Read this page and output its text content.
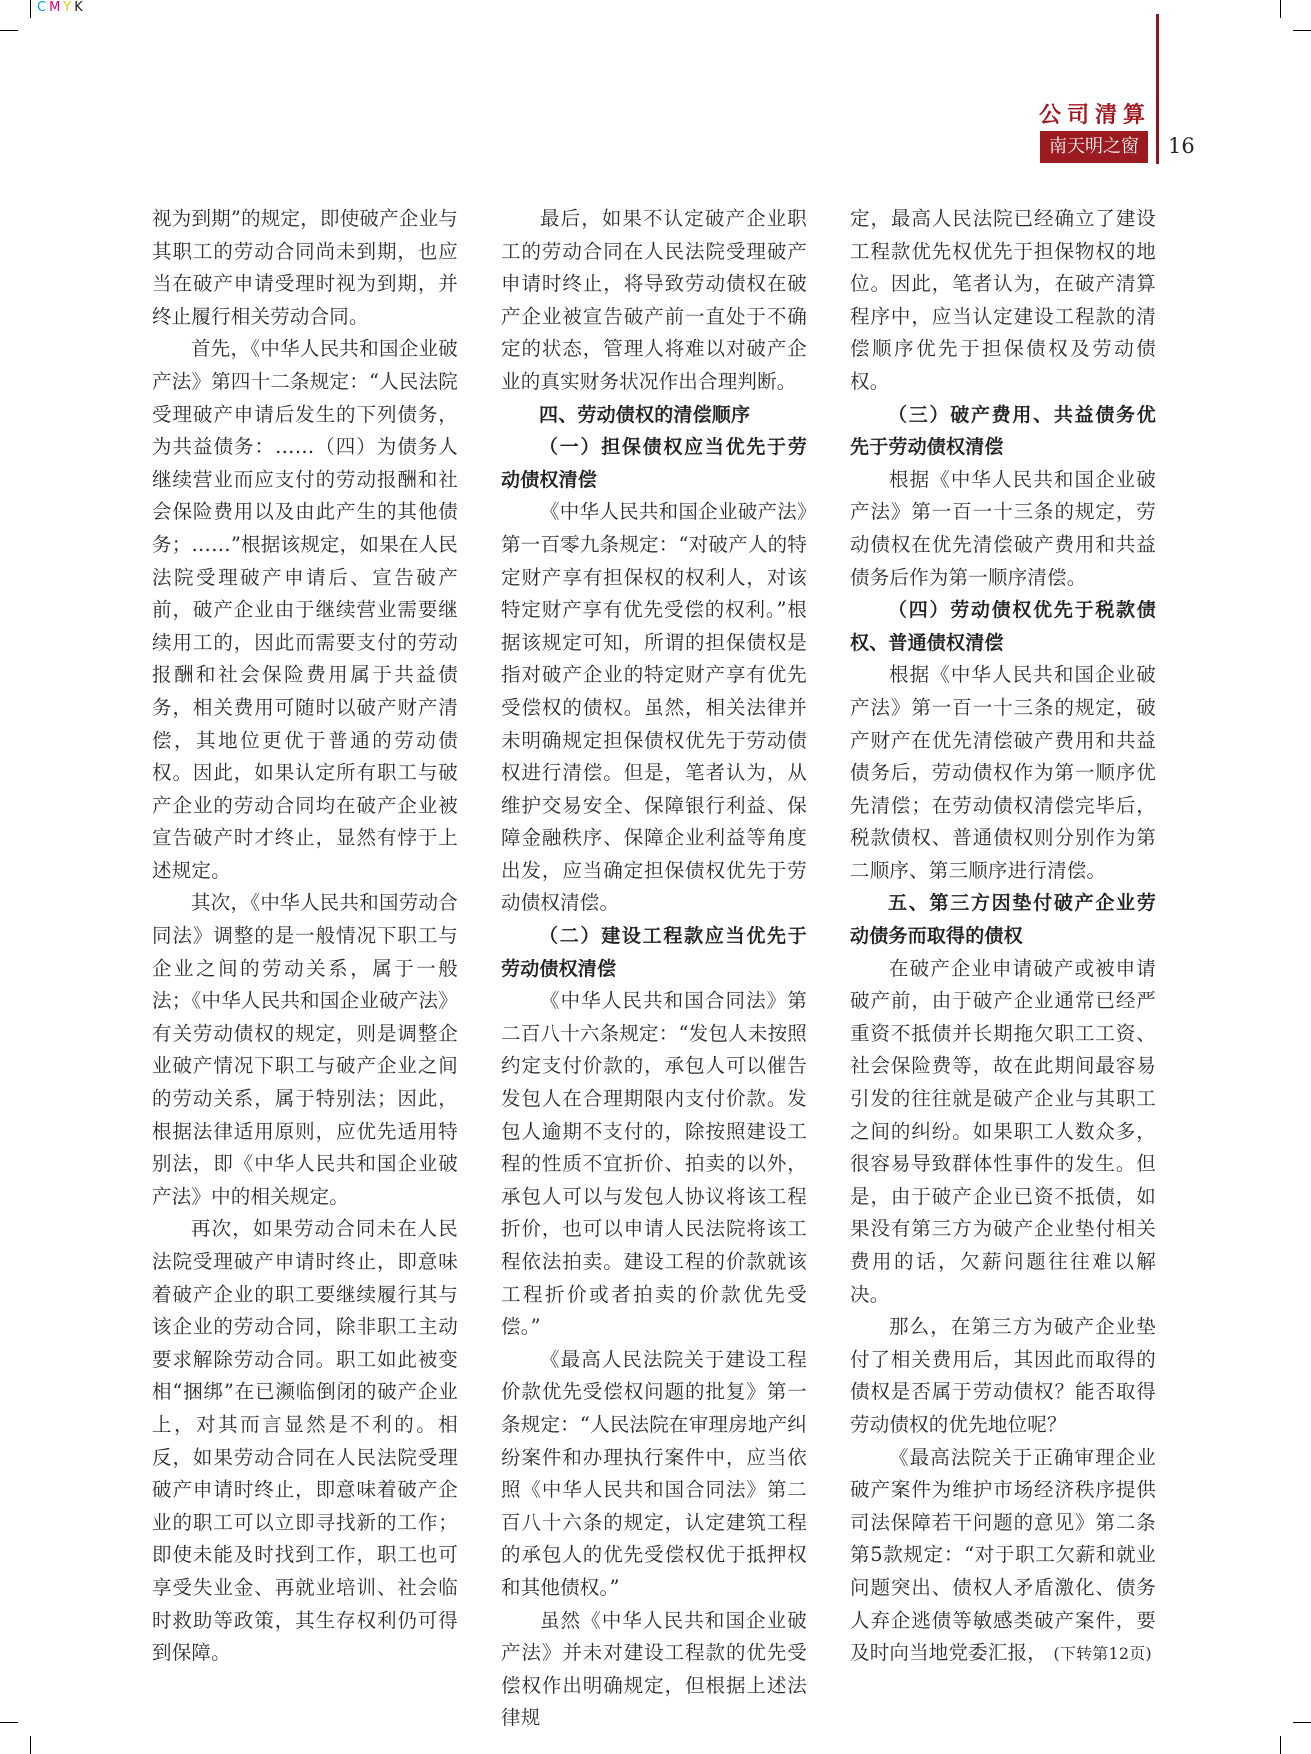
CMYK
公司清算
南天明之窗	16

视为到期”的规定，即使破产企业与其职工的劳动合同尚未到期，也应当在破产申请受理时视为到期，并终止履行相关劳动合同。

首先，《中华人民共和国企业破产法》第四十二条规定：“人民法院受理破产申请后发生的下列债务，为共益债务：……（四）为债务人继续营业而应支付的劳动报酬和社会保险费用以及由此产生的其他债务；……”根据该规定，如果在人民法院受理破产申请后、宣告破产前，破产企业由于继续营业需要继续用工的，因此而需要支付的劳动报酬和社会保险费用属于共益债务，相关费用可随时以破产财产清偿，其地位更优于普通的劳动债权。因此，如果认定所有职工与破产企业的劳动合同均在破产企业被宣告破产时才终止，显然有悖于上述规定。

其次，《中华人民共和国劳动合同法》调整的是一般情况下职工与企业之间的劳动关系，属于一般法；《中华人民共和国企业破产法》有关劳动债权的规定，则是调整企业破产情况下职工与破产企业之间的劳动关系，属于特别法；因此，根据法律适用原则，应优先适用特别法，即《中华人民共和国企业破产法》中的相关规定。

再次，如果劳动合同未在人民法院受理破产申请时终止，即意味着破产企业的职工要继续履行其与该企业的劳动合同，除非职工主动要求解除劳动合同。职工如此被变相“捆绑”在已濒临倒闭的破产企业上，对其而言显然是不利的。相反，如果劳动合同在人民法院受理破产申请时终止，即意味着破产企业的职工可以立即寻找新的工作；即使未能及时找到工作，职工也可享受失业金、再就业培训、社会临时救助等政策，其生存权利仍可得到保障。

最后，如果不认定破产企业职工的劳动合同在人民法院受理破产申请时终止，将导致劳动债权在破产企业被宣告破产前一直处于不确定的状态，管理人将难以对破产企业的真实财务状况作出合理判断。

四、劳动债权的清偿顺序

（一）担保债权应当优先于劳动债权清偿

《中华人民共和国企业破产法》第一百零九条规定：“对破产人的特定财产享有担保权的权利人，对该特定财产享有优先受偿的权利。”根据该规定可知，所谓的担保债权是指对破产企业的特定财产享有优先受偿权的债权。虽然，相关法律并未明确规定担保债权优先于劳动债权进行清偿。但是，笔者认为，从维护交易安全、保障银行利益、保障金融秩序、保障企业利益等角度出发，应当确定担保债权优先于劳动债权清偿。

（二）建设工程款应当优先于劳动债权清偿

《中华人民共和国合同法》第二百八十六条规定：“发包人未按照约定支付价款的，承包人可以催告发包人在合理期限内支付价款。发包人逾期不支付的，除按照建设工程的性质不宜折价、拍卖的以外，承包人可以与发包人协议将该工程折价，也可以申请人民法院将该工程依法拍卖。建设工程的价款就该工程折价或者拍卖的价款优先受偿。”

《最高人民法院关于建设工程价款优先受偿权问题的批复》第一条规定：“人民法院在审理房地产纠纷案件和办理执行案件中，应当依照《中华人民共和国合同法》第二百八十六条的规定，认定建筑工程的承包人的优先受偿权优于抵押权和其他债权。”

虽然《中华人民共和国企业破产法》并未对建设工程款的优先受偿权作出明确规定，但根据上述法律规

定，最高人民法院已经确立了建设工程款优先权优先于担保物权的地位。因此，笔者认为，在破产清算程序中，应当认定建设工程款的清偿顺序优先于担保债权及劳动债权。

（三）破产费用、共益债务优先于劳动债权清偿

根据《中华人民共和国企业破产法》第一百一十三条的规定，劳动债权在优先清偿破产费用和共益债务后作为第一顺序清偿。

（四）劳动债权优先于税款债权、普通债权清偿

根据《中华人民共和国企业破产法》第一百一十三条的规定，破产财产在优先清偿破产费用和共益债务后，劳动债权作为第一顺序优先清偿；在劳动债权清偿完毕后，税款债权、普通债权则分别作为第二顺序、第三顺序进行清偿。

五、第三方因垫付破产企业劳动债务而取得的债权

在破产企业申请破产或被申请破产前，由于破产企业通常已经严重资不抵债并长期拖欠职工工资、社会保险费等，故在此期间最容易引发的往往就是破产企业与其职工之间的纠纷。如果职工人数众多，很容易导致群体性事件的发生。但是，由于破产企业已资不抵债，如果没有第三方为破产企业垫付相关费用的话，欠薪问题往往难以解决。

那么，在第三方为破产企业垫付了相关费用后，其因此而取得的债权是否属于劳动债权？能否取得劳动债权的优先地位呢？

《最高法院关于正确审理企业破产案件为维护市场经济秩序提供司法保障若干问题的意见》第二条第5款规定：“对于职工欠薪和就业问题突出、债权人矛盾激化、债务人弃企逃债等敏感类破产案件，要及时向当地党委汇报， (下转第12页)
